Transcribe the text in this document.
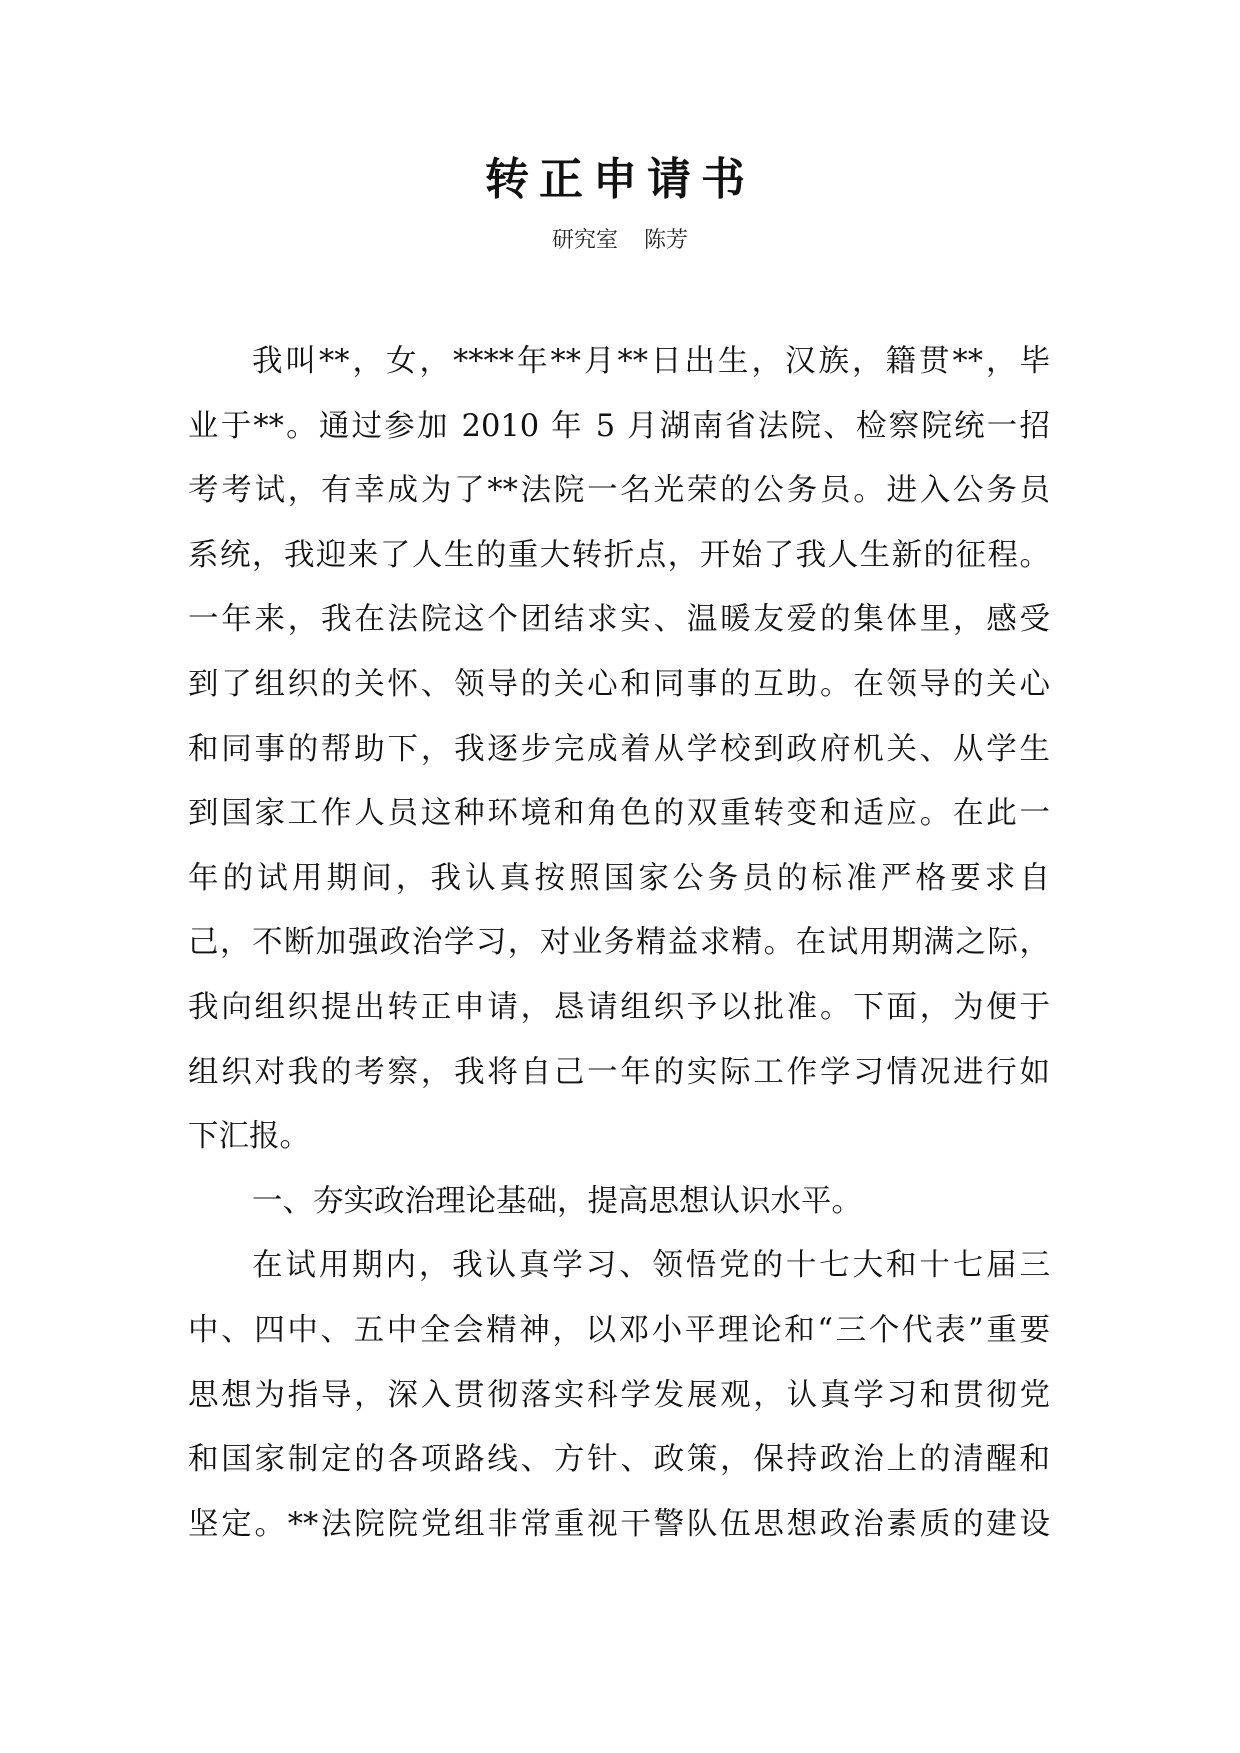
转正申请书
研究室 陈芳
我叫**，女，****年**月**日出生，汉族，籍贯**，毕
业于**。通过参加 2010 年 5 月湖南省法院、检察院统一招
考考试，有幸成为了**法院一名光荣的公务员。进入公务员
系统，我迎来了人生的重大转折点，开始了我人生新的征程。
一年来，我在法院这个团结求实、温暖友爱的集体里，感受
到了组织的关怀、领导的关心和同事的互助。在领导的关心
和同事的帮助下，我逐步完成着从学校到政府机关、从学生
到国家工作人员这种环境和角色的双重转变和适应。在此一
年的试用期间，我认真按照国家公务员的标准严格要求自
己，不断加强政治学习，对业务精益求精。在试用期满之际，
我向组织提出转正申请，恳请组织予以批准。下面，为便于
组织对我的考察，我将自己一年的实际工作学习情况进行如
下汇报。
一、夯实政治理论基础，提高思想认识水平。
在试用期内，我认真学习、领悟党的十七大和十七届三
中、四中、五中全会精神，以邓小平理论和“三个代表”重要
思想为指导，深入贯彻落实科学发展观，认真学习和贯彻党
和国家制定的各项路线、方针、政策，保持政治上的清醒和
坚定。**法院院党组非常重视干警队伍思想政治素质的建设
